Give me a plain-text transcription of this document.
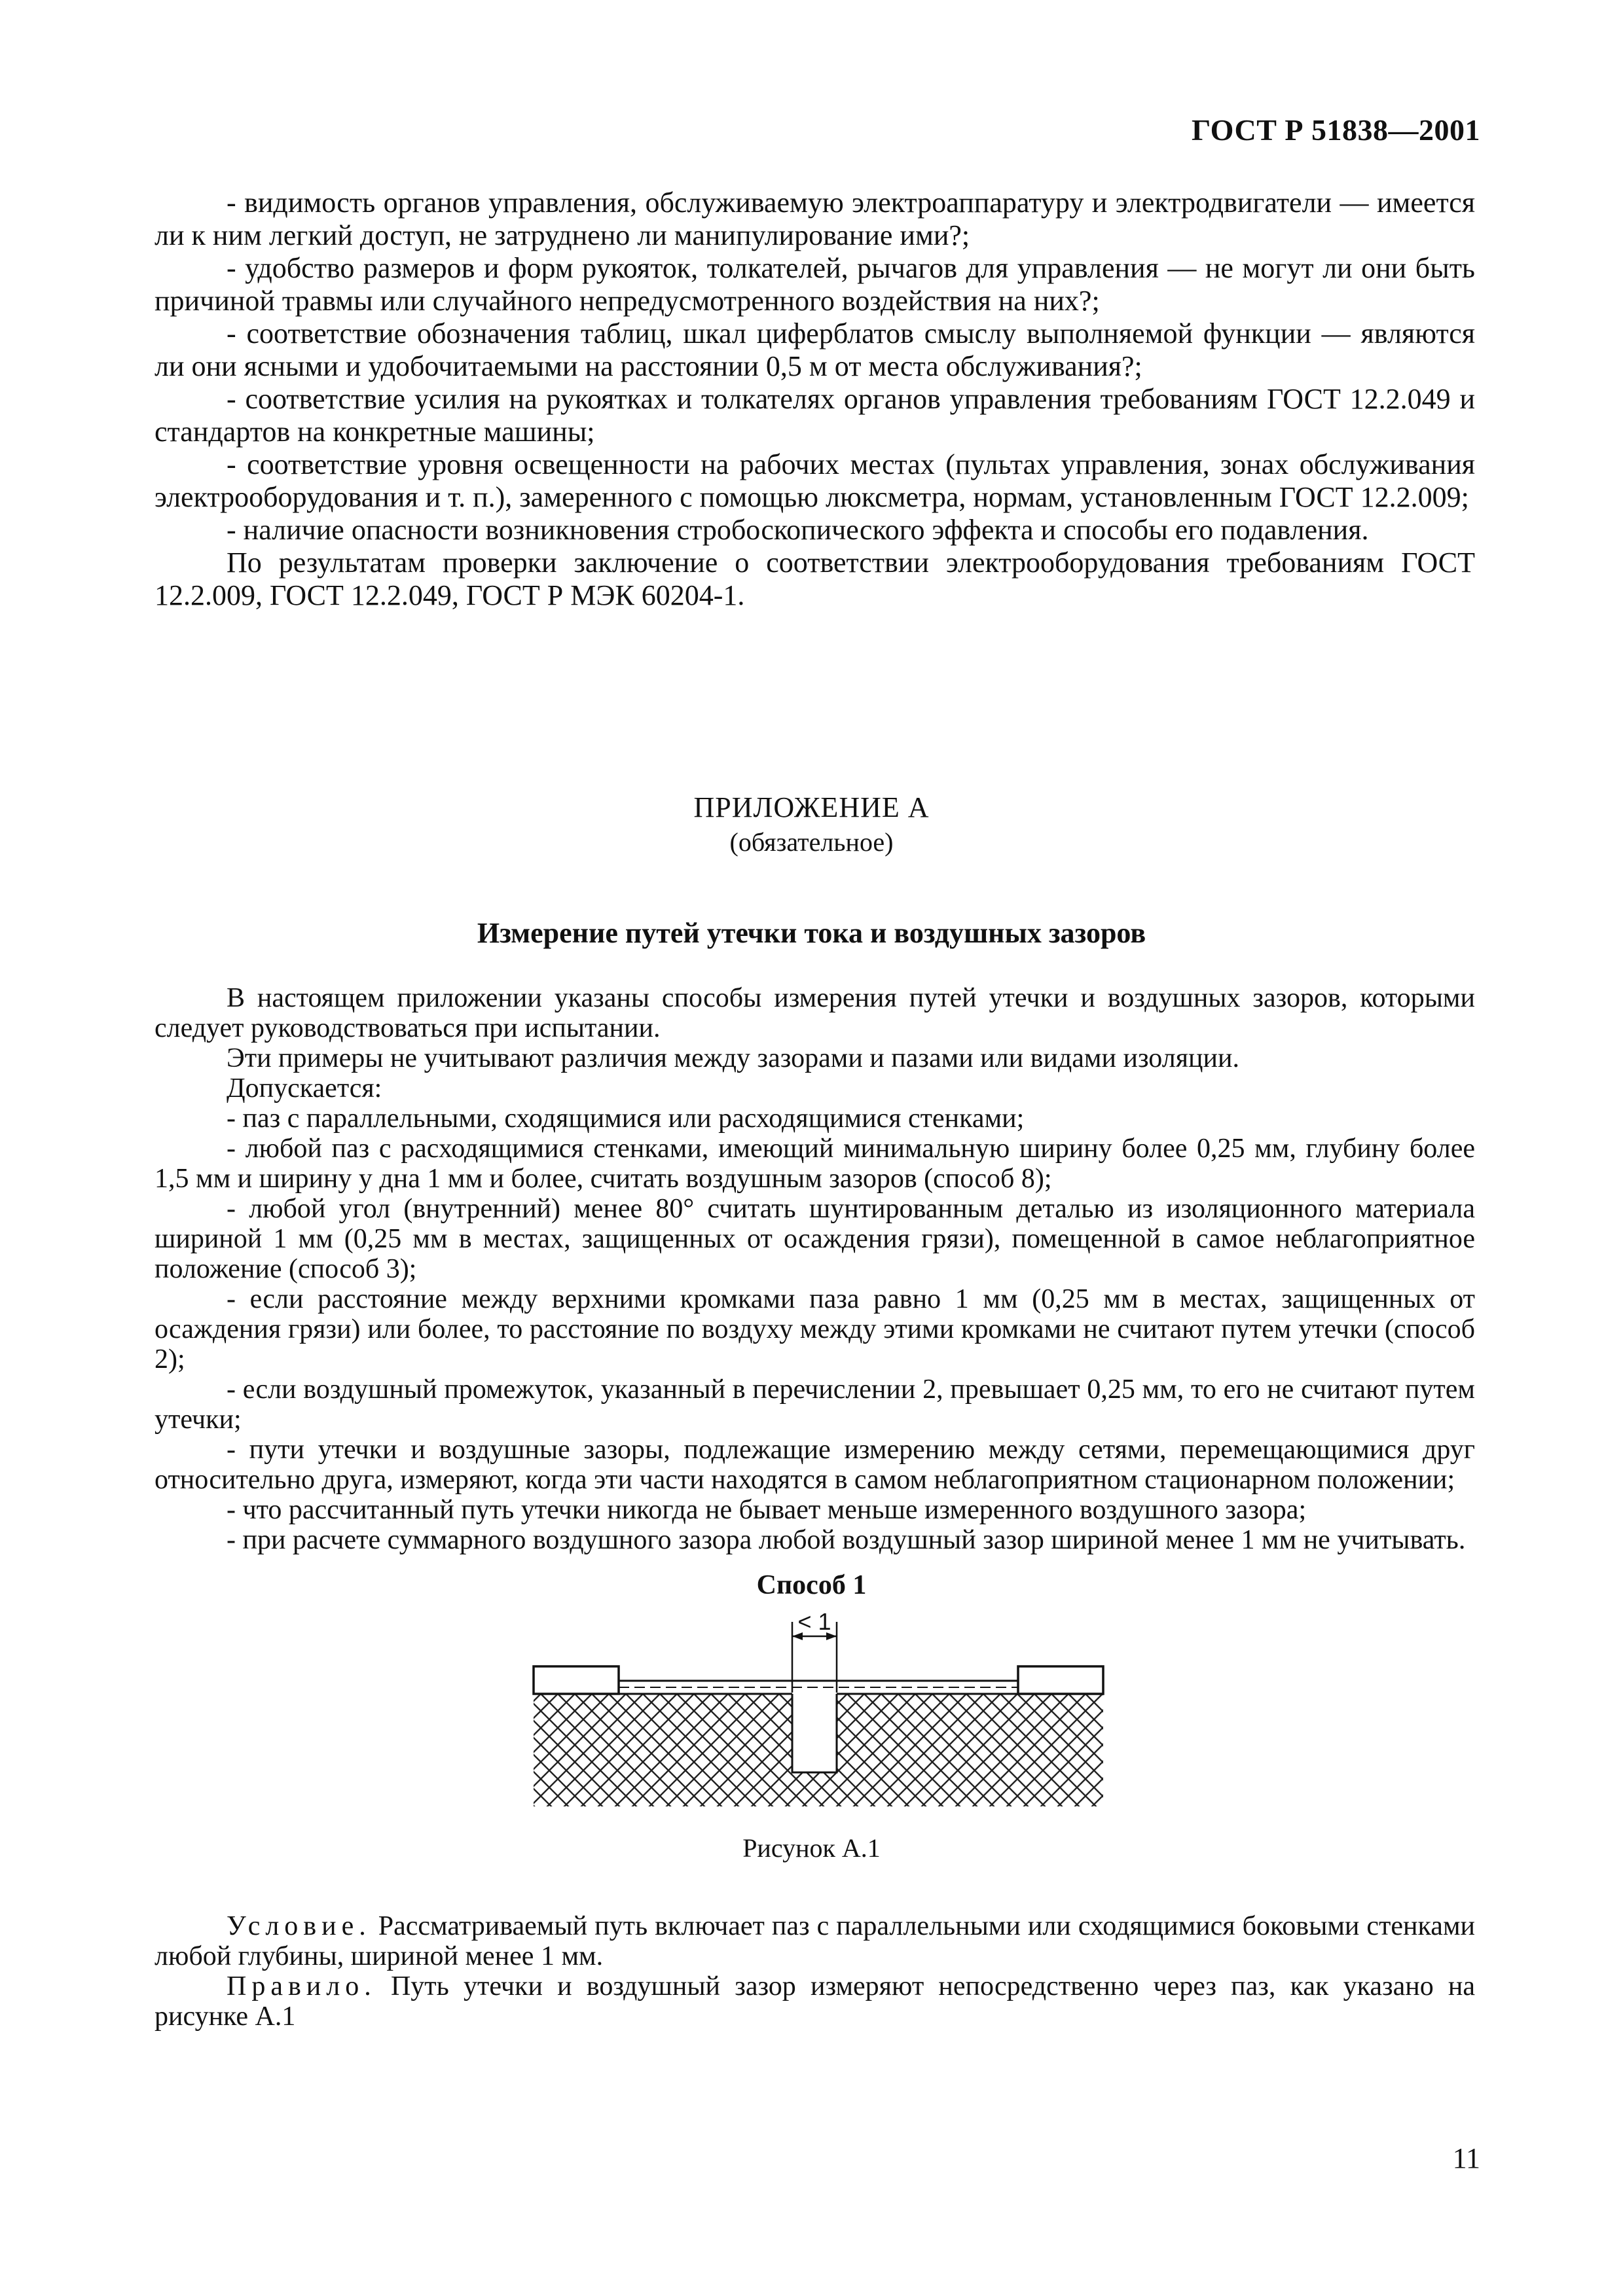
ГОСТ Р 51838—2001

- видимость органов управления, обслуживаемую электроаппаратуру и электродвигатели — имеется ли к ним легкий доступ, не затруднено ли манипулирование ими?;

- удобство размеров и форм рукояток, толкателей, рычагов для управления — не могут ли они быть причиной травмы или случайного непредусмотренного воздействия на них?;

- соответствие обозначения таблиц, шкал циферблатов смыслу выполняемой функции — являются ли они ясными и удобочитаемыми на расстоянии 0,5 м от места обслуживания?;

- соответствие усилия на рукоятках и толкателях органов управления требованиям ГОСТ 12.2.049 и стандартов на конкретные машины;

- соответствие уровня освещенности на рабочих местах (пультах управления, зонах обслуживания электрооборудования и т. п.), замеренного с помощью люксметра, нормам, установленным ГОСТ 12.2.009;

- наличие опасности возникновения стробоскопического эффекта и способы его подавления.

По результатам проверки заключение о соответствии электрооборудования требованиям ГОСТ 12.2.009, ГОСТ 12.2.049, ГОСТ Р МЭК 60204-1.

ПРИЛОЖЕНИЕ А
(обязательное)
Измерение путей утечки тока и воздушных зазоров

В настоящем приложении указаны способы измерения путей утечки и воздушных зазоров, которыми следует руководствоваться при испытании.

Эти примеры не учитывают различия между зазорами и пазами или видами изоляции.

Допускается:

- паз с параллельными, сходящимися или расходящимися стенками;

- любой паз с расходящимися стенками, имеющий минимальную ширину более 0,25 мм, глубину более 1,5 мм и ширину у дна 1 мм и более, считать воздушным зазоров (способ 8);

- любой угол (внутренний) менее 80° считать шунтированным деталью из изоляционного материала шириной 1 мм (0,25 мм в местах, защищенных от осаждения грязи), помещенной в самое неблагоприятное положение (способ 3);

- если расстояние между верхними кромками паза равно 1 мм (0,25 мм в местах, защищенных от осаждения грязи) или более, то расстояние по воздуху между этими кромками не считают путем утечки (способ 2);

- если воздушный промежуток, указанный в перечислении 2, превышает 0,25 мм, то его не считают путем утечки;

- пути утечки и воздушные зазоры, подлежащие измерению между сетями, перемещающимися друг относительно друга, измеряют, когда эти части находятся в самом неблагоприятном стационарном положении;

- что рассчитанный путь утечки никогда не бывает меньше измеренного воздушного зазора;

- при расчете суммарного воздушного зазора любой воздушный зазор шириной менее 1 мм не учитывать.

Способ 1
< 1
Рисунок А.1

Условие. Рассматриваемый путь включает паз с параллельными или сходящимися боковыми стенками любой глубины, шириной менее 1 мм.

Правило. Путь утечки и воздушный зазор измеряют непосредственно через паз, как указано на рисунке А.1

11
